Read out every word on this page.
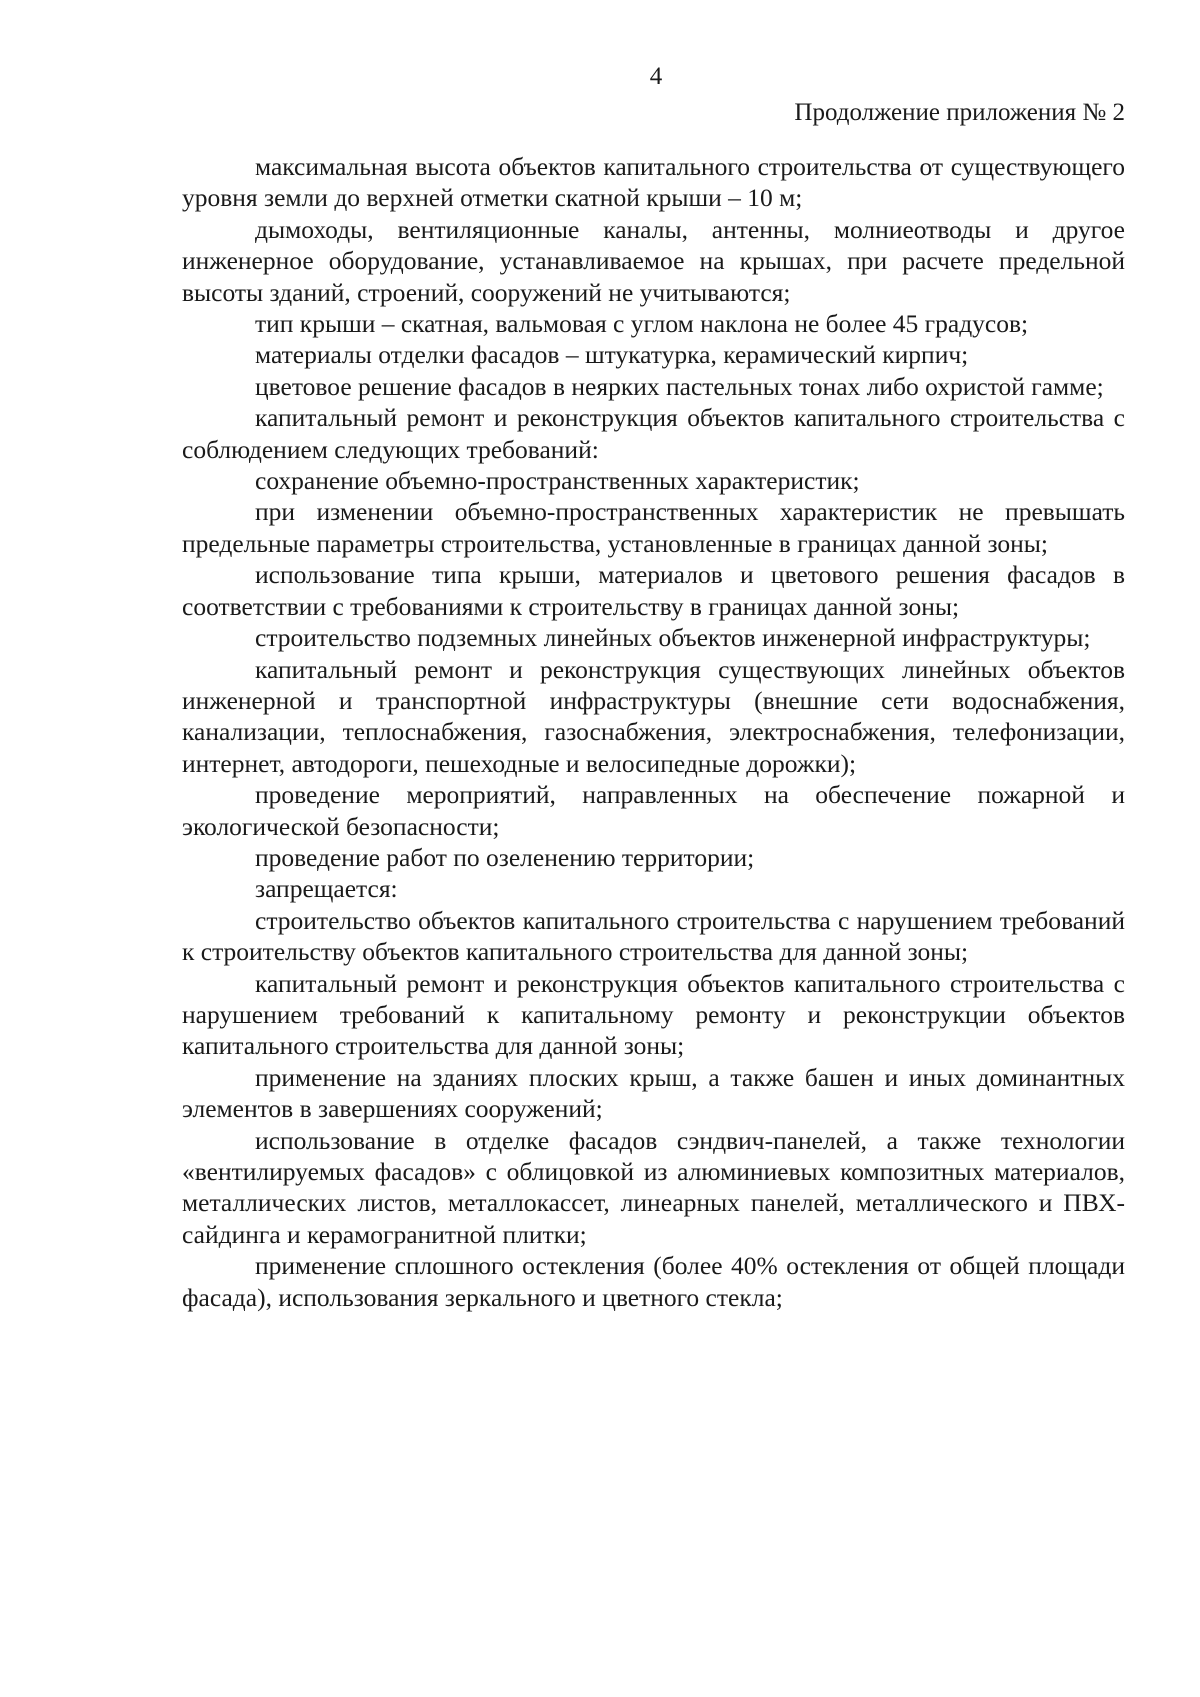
4
Продолжение приложения № 2

максимальная высота объектов капитального строительства от существующего уровня земли до верхней отметки скатной крыши – 10 м;

дымоходы, вентиляционные каналы, антенны, молниеотводы и другое инженерное оборудование, устанавливаемое на крышах, при расчете предельной высоты зданий, строений, сооружений не учитываются;

тип крыши – скатная, вальмовая с углом наклона не более 45 градусов;

материалы отделки фасадов – штукатурка, керамический кирпич;

цветовое решение фасадов в неярких пастельных тонах либо охристой гамме;

капитальный ремонт и реконструкция объектов капитального строительства с соблюдением следующих требований:

сохранение объемно-пространственных характеристик;

при изменении объемно-пространственных характеристик не превышать предельные параметры строительства, установленные в границах данной зоны;

использование типа крыши, материалов и цветового решения фасадов в соответствии с требованиями к строительству в границах данной зоны;

строительство подземных линейных объектов инженерной инфраструктуры;

капитальный ремонт и реконструкция существующих линейных объектов инженерной и транспортной инфраструктуры (внешние сети водоснабжения, канализации, теплоснабжения, газоснабжения, электроснабжения, телефонизации, интернет, автодороги, пешеходные и велосипедные дорожки);

проведение мероприятий, направленных на обеспечение пожарной и экологической безопасности;

проведение работ по озеленению территории;

запрещается:

строительство объектов капитального строительства с нарушением требований к строительству объектов капитального строительства для данной зоны;

капитальный ремонт и реконструкция объектов капитального строительства с нарушением требований к капитальному ремонту и реконструкции объектов капитального строительства для данной зоны;

применение на зданиях плоских крыш, а также башен и иных доминантных элементов в завершениях сооружений;

использование в отделке фасадов сэндвич-панелей, а также технологии «вентилируемых фасадов» с облицовкой из алюминиевых композитных материалов, металлических листов, металлокассет, линеарных панелей, металлического и ПВХ-сайдинга и керамогранитной плитки;

применение сплошного остекления (более 40% остекления от общей площади фасада), использования зеркального и цветного стекла;
